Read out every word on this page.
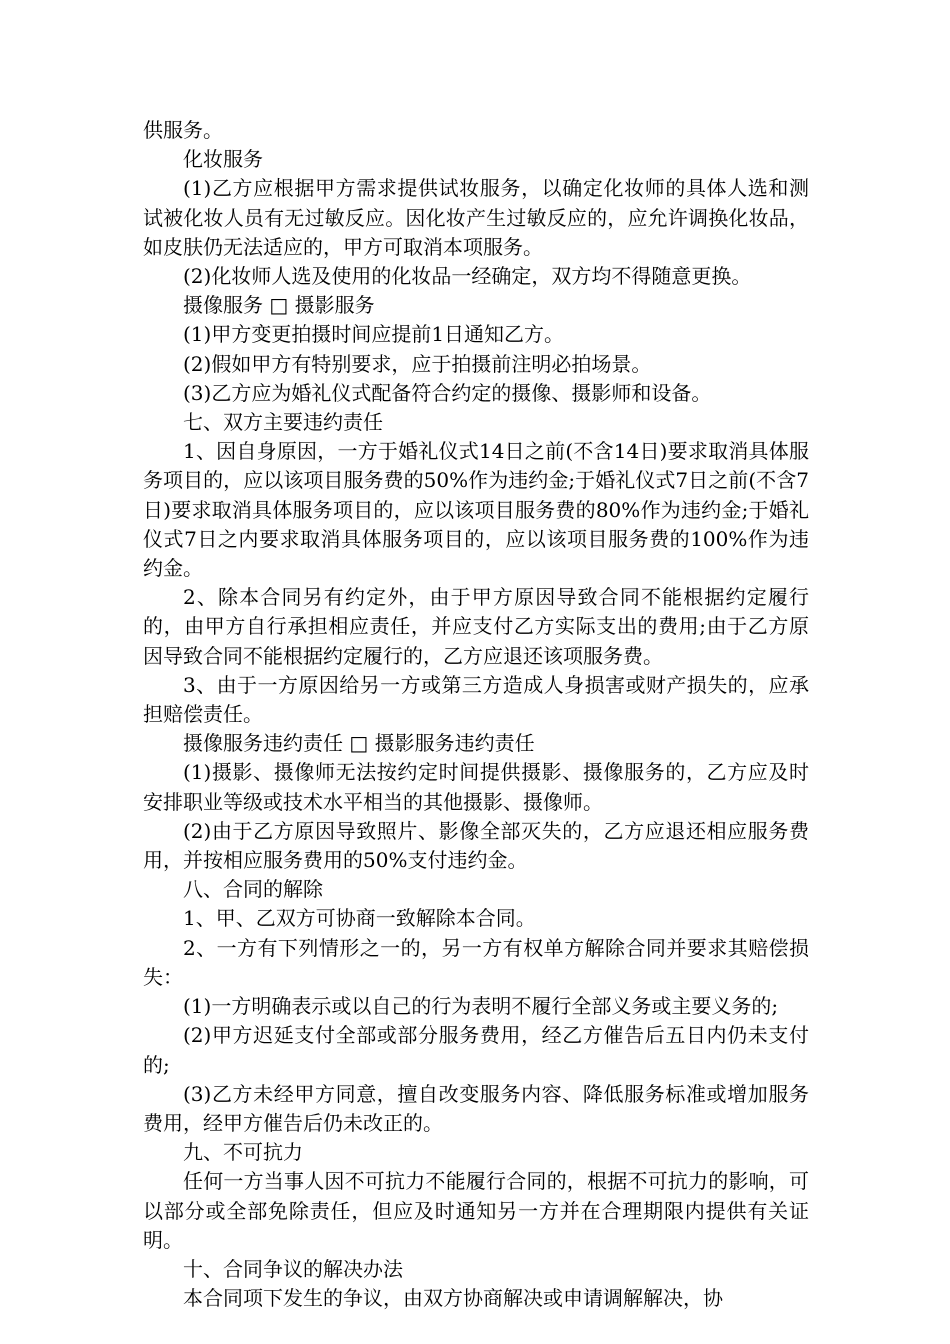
供服务。

化妆服务

(1)乙方应根据甲方需求提供试妆服务，以确定化妆师的具体人选和测试被化妆人员有无过敏反应。因化妆产生过敏反应的，应允许调换化妆品，如皮肤仍无法适应的，甲方可取消本项服务。

(2)化妆师人选及使用的化妆品一经确定，双方均不得随意更换。

摄像服务 □ 摄影服务

(1)甲方变更拍摄时间应提前1日通知乙方。

(2)假如甲方有特别要求，应于拍摄前注明必拍场景。

(3)乙方应为婚礼仪式配备符合约定的摄像、摄影师和设备。

七、双方主要违约责任

1、因自身原因，一方于婚礼仪式14日之前(不含14日)要求取消具体服务项目的，应以该项目服务费的50%作为违约金;于婚礼仪式7日之前(不含7日)要求取消具体服务项目的，应以该项目服务费的80%作为违约金;于婚礼仪式7日之内要求取消具体服务项目的，应以该项目服务费的100%作为违约金。

2、除本合同另有约定外，由于甲方原因导致合同不能根据约定履行的，由甲方自行承担相应责任，并应支付乙方实际支出的费用;由于乙方原因导致合同不能根据约定履行的，乙方应退还该项服务费。

3、由于一方原因给另一方或第三方造成人身损害或财产损失的，应承担赔偿责任。

摄像服务违约责任 □ 摄影服务违约责任

(1)摄影、摄像师无法按约定时间提供摄影、摄像服务的，乙方应及时安排职业等级或技术水平相当的其他摄影、摄像师。

(2)由于乙方原因导致照片、影像全部灭失的，乙方应退还相应服务费用，并按相应服务费用的50%支付违约金。

八、合同的解除

1、甲、乙双方可协商一致解除本合同。

2、一方有下列情形之一的，另一方有权单方解除合同并要求其赔偿损失：

(1)一方明确表示或以自己的行为表明不履行全部义务或主要义务的;

(2)甲方迟延支付全部或部分服务费用，经乙方催告后五日内仍未支付的;

(3)乙方未经甲方同意，擅自改变服务内容、降低服务标准或增加服务费用，经甲方催告后仍未改正的。

九、不可抗力

任何一方当事人因不可抗力不能履行合同的，根据不可抗力的影响，可以部分或全部免除责任，但应及时通知另一方并在合理期限内提供有关证明。

十、合同争议的解决办法

本合同项下发生的争议，由双方协商解决或申请调解解决，协
